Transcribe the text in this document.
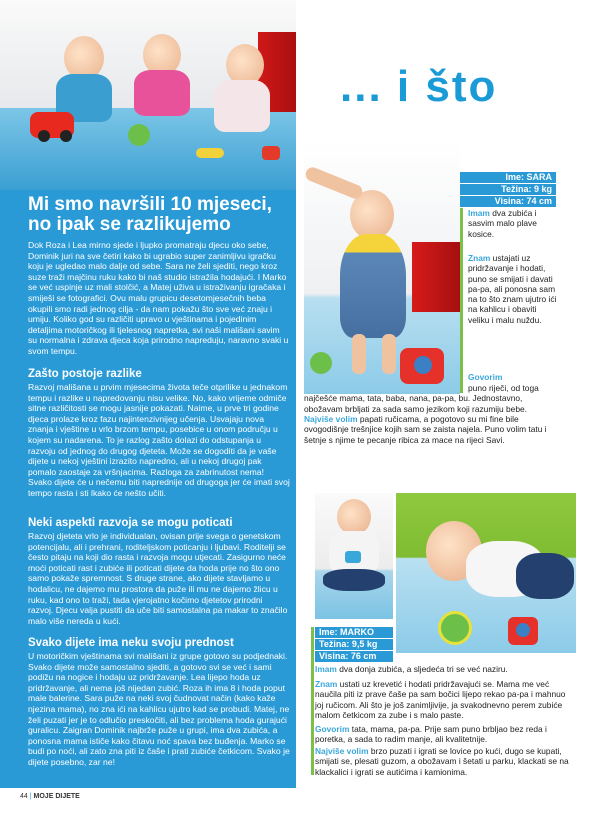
... i što
Mi smo navršili 10 mjeseci, no ipak se razlikujemo
Dok Roza i Lea mirno sjede i ljupko promatraju djecu oko sebe, Dominik juri na sve četiri kako bi ugrabio super zanimljivu igračku koju je ugledao malo dalje od sebe. Sara ne želi sjediti, nego kroz suze traži majčinu ruku kako bi naš studio istražila hodajući. I Marko se već uspinje uz mali stolčić, a Matej uživa u istraživanju igračaka i smiješi se fotografici. Ovu malu grupicu desetomjesečnih beba okupili smo radi jednog cilja - da nam pokažu što sve već znaju i umiju. Koliko god su različiti upravo u vještinama i pojedinim detaljima motoričkog ili tjelesnog napretka, svi naši mališani savim su normalna i zdrava djeca koja prirodno napreduju, naravno svaki u svom tempu.
Zašto postoje razlike
Razvoj mališana u prvim mjesecima života teče otprilike u jednakom tempu i razlike u napredovanju nisu velike. No, kako vrijeme odmiče sitne različitosti se mogu jasnije pokazati. Naime, u prve tri godine djeca prolaze kroz fazu najintenzivnijeg učenja. Usvajaju nova znanja i vještine u vrlo brzom tempu, posebice u onom području u kojem su nadarena. To je razlog zašto dolazi do odstupanja u razvoju od jednog do drugog djeteta. Može se dogoditi da je vaše dijete u nekoj vještini izrazito napredno, ali u nekoj drugoj pak pomalo zaostaje za vršnjacima. Razloga za zabrinutost nema! Svako dijete će u nečemu biti naprednije od drugoga jer će imati svoj tempo rasta i sti lkako će nešto učiti.
Neki aspekti razvoja se mogu poticati
Razvoj djeteta vrlo je individualan, ovisan prije svega o genetskom potencijalu, ali i prehrani, roditeljskom poticanju i ljubavi. Roditelji se često pitaju na koji dio rasta i razvoja mogu utjecati. Zasigurno neće moći poticati rast i zubiće ili poticati dijete da hoda prije no što ono samo pokaže spremnost. S druge strane, ako dijete stavljamo u hodalicu, ne dajemo mu prostora da puže ili mu ne dajemo žlicu u ruku, kad ono to traži, tada vjerojatno kočimo djetetov prirodni razvoj. Djecu valja pustiti da uče biti samostalna pa makar to značilo malo više nereda u kući.
Svako dijete ima neku svoju prednost
U motoričkim vještinama svi mališani iz grupe gotovo su podjednaki. Svako dijete može samostalno sjediti, a gotovo svi se već i sami podižu na nogice i hodaju uz pridržavanje. Lea lijepo hoda uz pridržavanje, ali nema još nijedan zubić. Roza ih ima 8 i hoda poput male balerine. Sara puže na neki svoj čudnovat način (kako kaže njezina mama), no zna ići na kahlicu ujutro kad se probudi. Matej, ne želi puzati jer je to odlučio preskočiti, ali bez problema hoda gurajući guralicu. Zaigran Dominik najbrže puže u grupi, ima dva zubića, a ponosna mama ističe kako čitavu noć spava bez buđenja. Marko se budi po noći, ali zato zna piti iz čaše i prati zubiće četkicom. Svako je dijete posebno, zar ne!
Ime: SARA
Težina: 9 kg
Visina: 74 cm
Imam dva zubića i sasvim malo plave kosice.
Znam ustajati uz pridržavanje i hodati, puno se smijati i davati pa-pa, ali ponosna sam na to što znam ujutro ići na kahlicu i obaviti veliku i malu nuždu.
Govorim
puno riječi, od toga najčešće mama, tata, baba, nana, pa-pa, bu. Jednostavno, obožavam brbljati za sada samo jezikom koji razumiju bebe.
Najviše volim papati ručicama, a pogotovo su mi fine bile ovogodišnje trešnjice kojih sam se zaista najela. Puno volim tatu i šetnje s njime te pecanje ribica za mace na rijeci Savi.
Ime: MARKO
Težina: 9,5 kg
Visina: 76 cm
Imam dva donja zubića, a sljedeća tri se već naziru.
Znam ustati uz krevetić i hodati pridržavajući se. Mama me već naučila piti iz prave čaše pa sam bočici lijepo rekao pa-pa i mahnuo joj ručicom. Ali što je još zanimljivije, ja svakodnevno perem zubiće malom četkicom za zube i s malo paste.
Govorim tata, mama, pa-pa. Prije sam puno brbljao bez reda i poretka, a sada to radim manje, ali kvalitetnije.
Najviše volim brzo puzati i igrati se lovice po kući, dugo se kupati, smijati se, plesati guzom, a obožavam i šetati u parku, klackati se na klackalici i igrati se autićima i kamionima.
44 | MOJE DIJETE
